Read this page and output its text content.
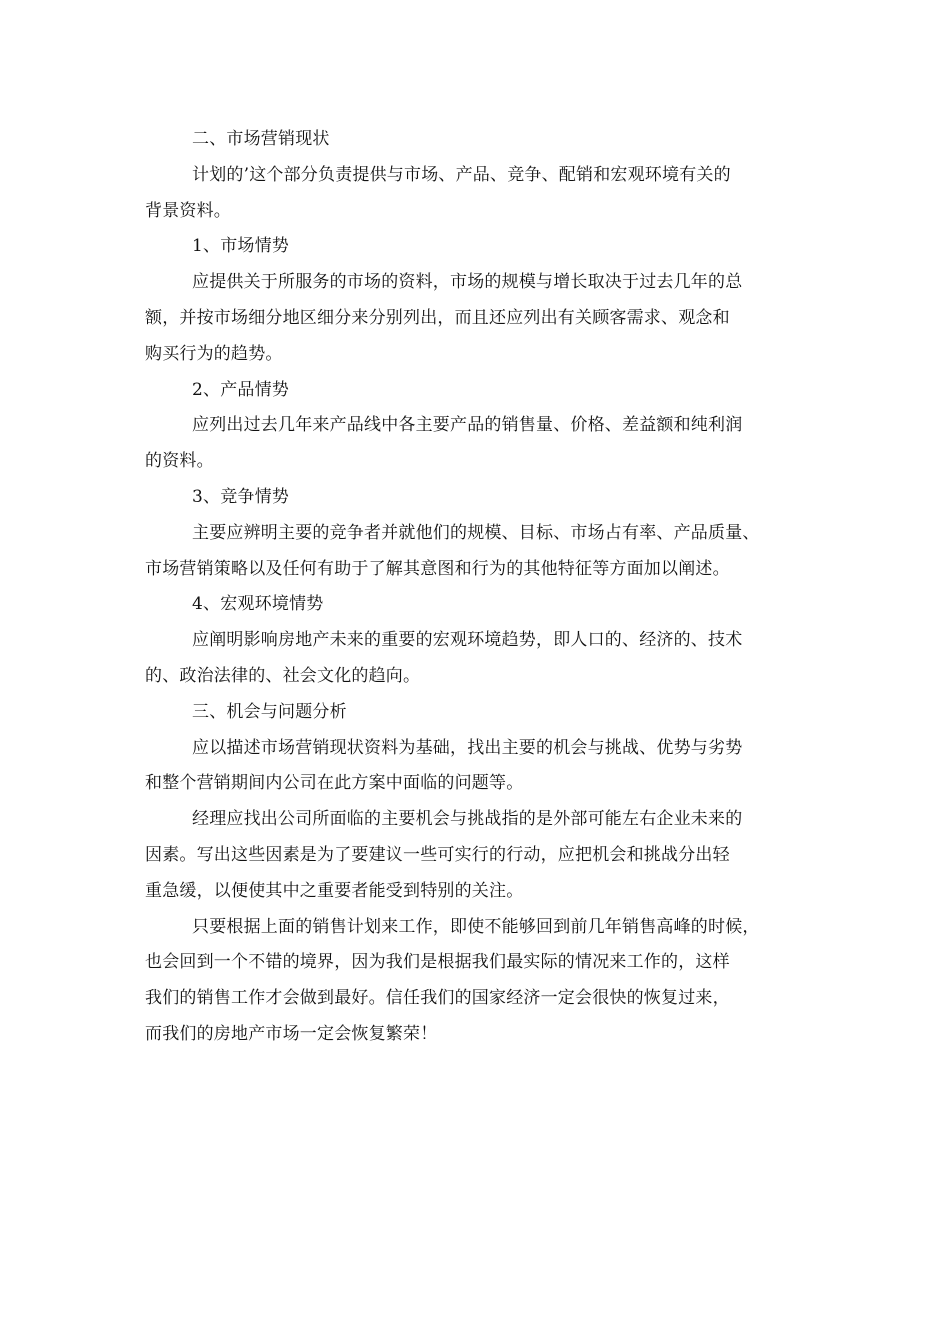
二、市场营销现状
计划的’这个部分负责提供与市场、产品、竞争、配销和宏观环境有关的
背景资料。
1、市场情势
应提供关于所服务的市场的资料，市场的规模与增长取决于过去几年的总
额，并按市场细分地区细分来分别列出，而且还应列出有关顾客需求、观念和
购买行为的趋势。
2、产品情势
应列出过去几年来产品线中各主要产品的销售量、价格、差益额和纯利润
的资料。
3、竞争情势
主要应辨明主要的竞争者并就他们的规模、目标、市场占有率、产品质量、
市场营销策略以及任何有助于了解其意图和行为的其他特征等方面加以阐述。
4、宏观环境情势
应阐明影响房地产未来的重要的宏观环境趋势，即人口的、经济的、技术
的、政治法律的、社会文化的趋向。
三、机会与问题分析
应以描述市场营销现状资料为基础，找出主要的机会与挑战、优势与劣势
和整个营销期间内公司在此方案中面临的问题等。
经理应找出公司所面临的主要机会与挑战指的是外部可能左右企业未来的
因素。写出这些因素是为了要建议一些可实行的行动，应把机会和挑战分出轻
重急缓，以便使其中之重要者能受到特别的关注。
只要根据上面的销售计划来工作，即使不能够回到前几年销售高峰的时候，
也会回到一个不错的境界，因为我们是根据我们最实际的情况来工作的，这样
我们的销售工作才会做到最好。信任我们的国家经济一定会很快的恢复过来，
而我们的房地产市场一定会恢复繁荣！
